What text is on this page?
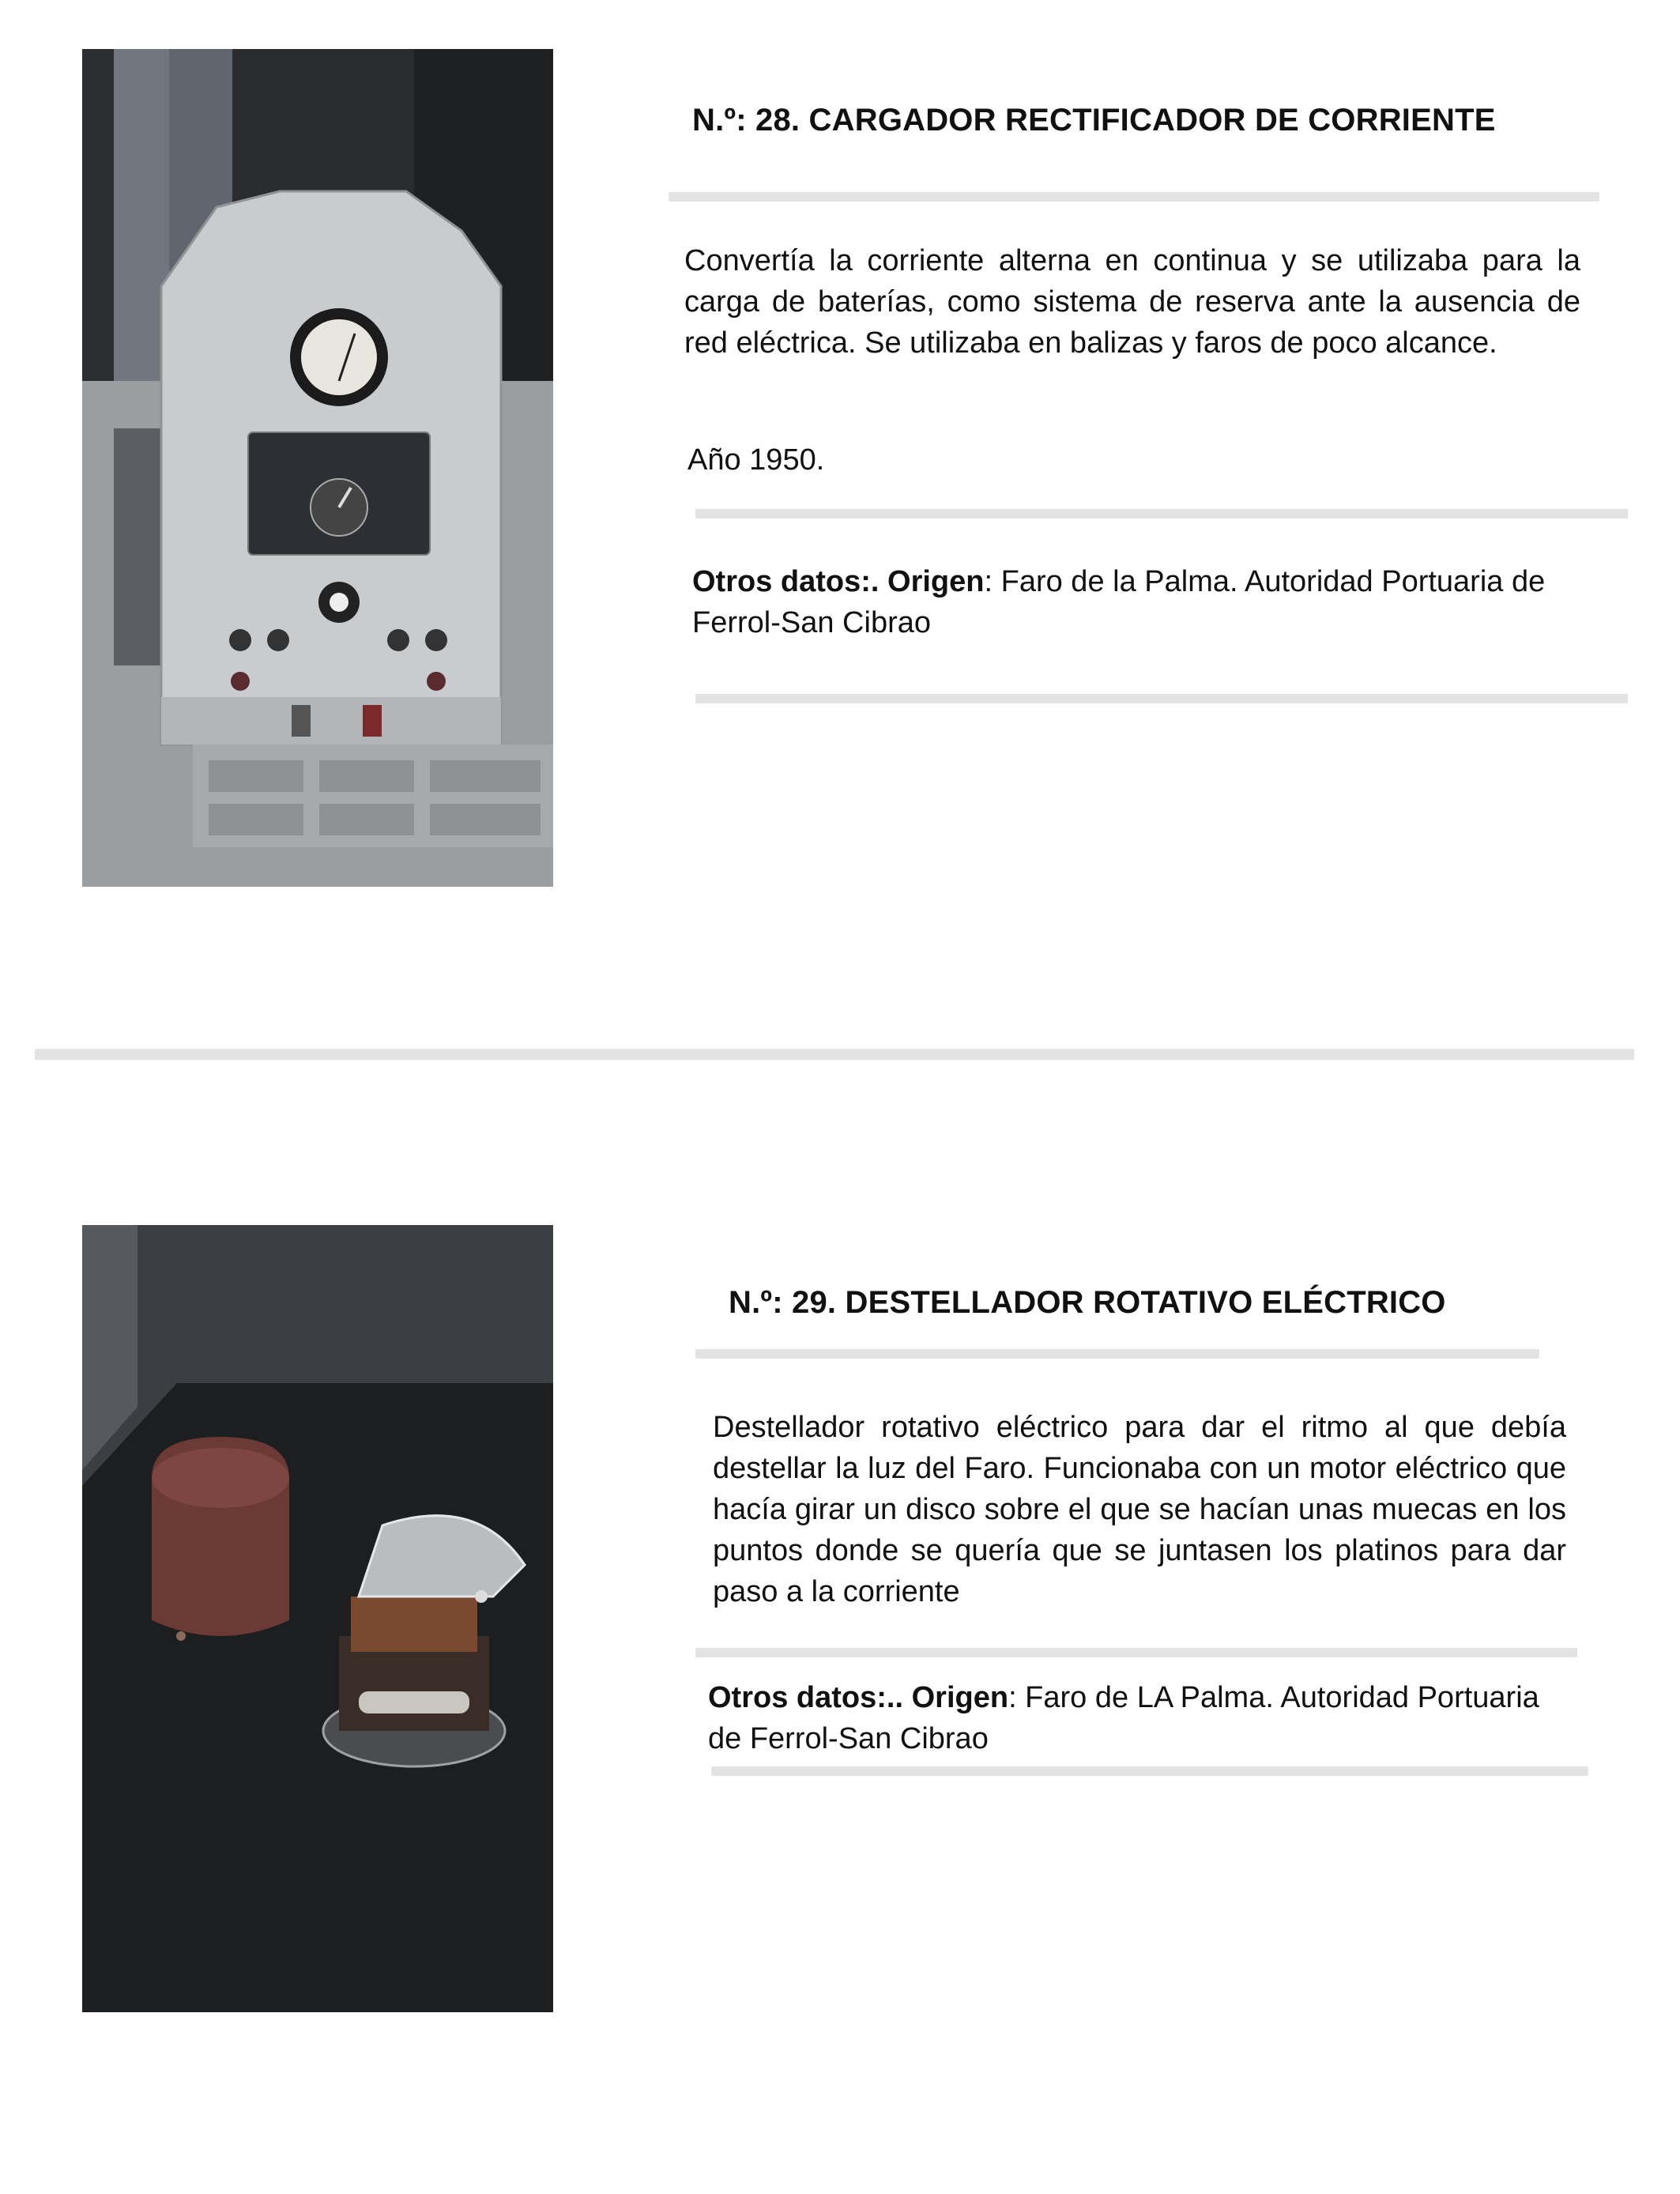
N.º: 28. CARGADOR RECTIFICADOR DE CORRIENTE
Convertía la corriente alterna en continua y se utilizaba para la carga de baterías, como sistema de reserva ante la ausencia de red eléctrica. Se utilizaba en balizas y faros de poco alcance.
Año 1950.
Otros datos:. Origen: Faro de la Palma. Autoridad Portuaria de Ferrol-San Cibrao
N.º: 29. DESTELLADOR ROTATIVO ELÉCTRICO
Destellador rotativo eléctrico para dar el ritmo al que debía destellar la luz del Faro. Funcionaba con un motor eléctrico que hacía girar un disco sobre el que se hacían unas muecas en los puntos donde se quería que se juntasen los platinos para dar paso a la corriente
Otros datos:.. Origen: Faro de LA Palma. Autoridad Portuaria de Ferrol-San Cibrao
